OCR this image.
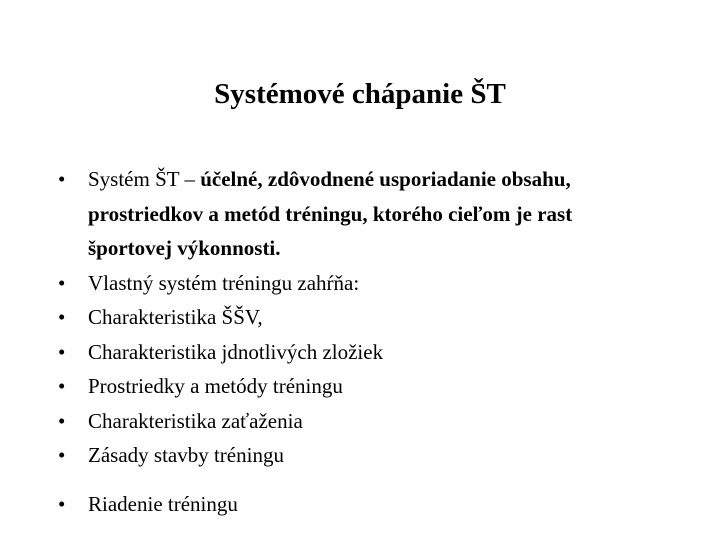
Systémové chápanie ŠT
• Systém ŠT – účelné, zdôvodnené usporiadanie obsahu, prostriedkov a metód tréningu, ktorého cieľom je rast športovej výkonnosti.
• Vlastný systém tréningu zahŕňa:
• Charakteristika ŠŠV,
• Charakteristika jdnotlivých zložiek
• Prostriedky a metódy tréningu
• Charakteristika zaťaženia
• Zásady stavby tréningu
• Riadenie tréningu
